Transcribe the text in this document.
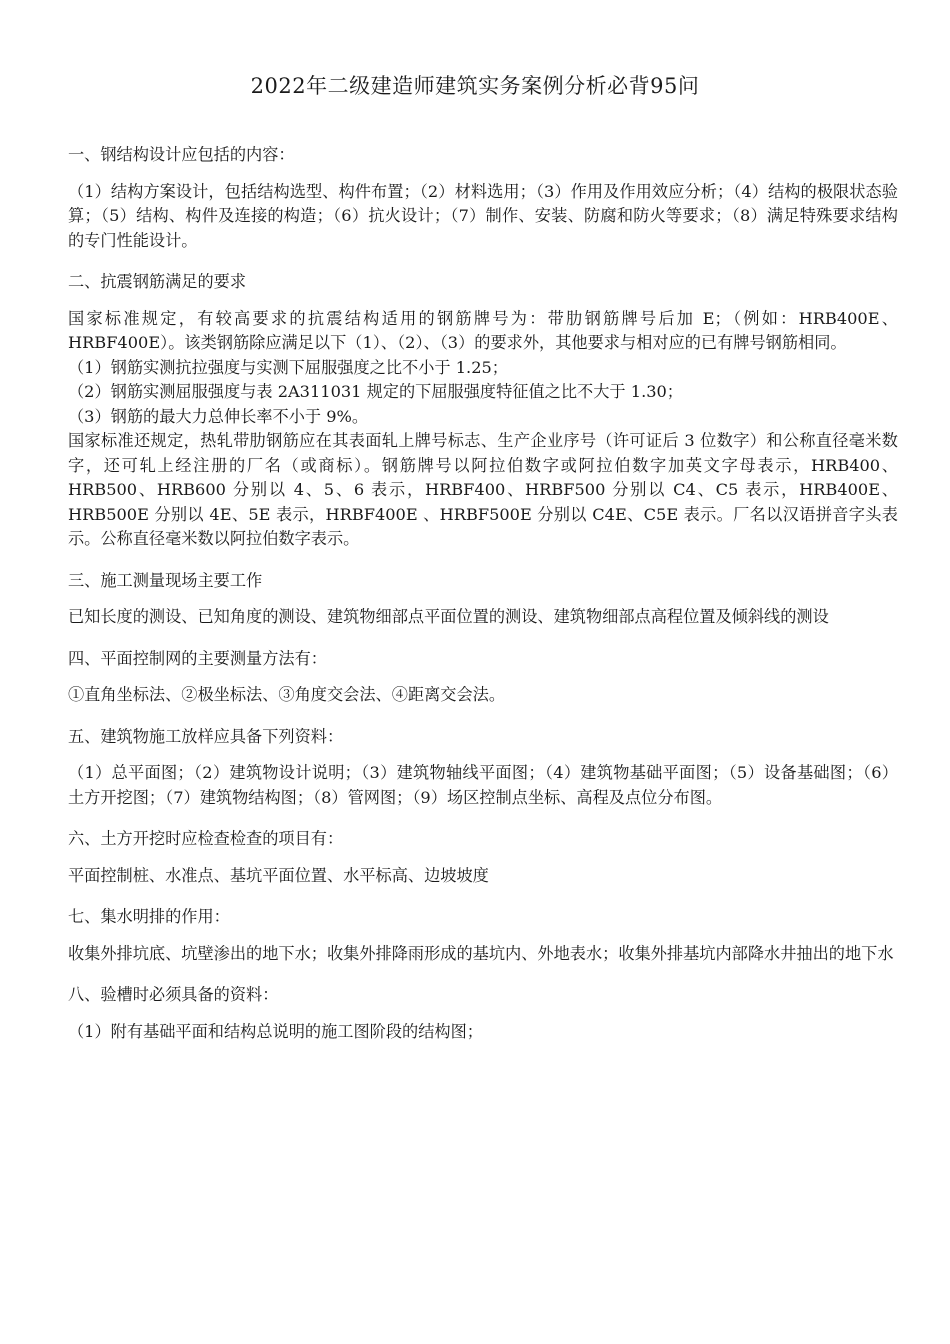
2022年二级建造师建筑实务案例分析必背95问

一、钢结构设计应包括的内容：

（1）结构方案设计，包括结构选型、构件布置；（2）材料选用；（3）作用及作用效应分析；（4）结构的极限状态验算；（5）结构、构件及连接的构造；（6）抗火设计；（7）制作、安装、防腐和防火等要求；（8）满足特殊要求结构的专门性能设计。

二、抗震钢筋满足的要求

国家标准规定，有较高要求的抗震结构适用的钢筋牌号为：带肋钢筋牌号后加 E；（例如：HRB400E、HRBF400E）。该类钢筋除应满足以下（1）、（2）、（3）的要求外，其他要求与相对应的已有牌号钢筋相同。

（1）钢筋实测抗拉强度与实测下屈服强度之比不小于 1.25；

（2）钢筋实测屈服强度与表 2A311031 规定的下屈服强度特征值之比不大于 1.30；

（3）钢筋的最大力总伸长率不小于 9%。

国家标准还规定，热轧带肋钢筋应在其表面轧上牌号标志、生产企业序号（许可证后 3 位数字）和公称直径毫米数字，还可轧上经注册的厂名（或商标）。钢筋牌号以阿拉伯数字或阿拉伯数字加英文字母表示，HRB400、HRB500、HRB600 分别以 4、5、6 表示，HRBF400、HRBF500 分别以 C4、C5 表示，HRB400E、HRB500E 分别以 4E、5E 表示，HRBF400E 、HRBF500E 分别以 C4E、C5E 表示。厂名以汉语拼音字头表示。公称直径毫米数以阿拉伯数字表示。

三、施工测量现场主要工作

已知长度的测设、已知角度的测设、建筑物细部点平面位置的测设、建筑物细部点高程位置及倾斜线的测设

四、平面控制网的主要测量方法有：

①直角坐标法、②极坐标法、③角度交会法、④距离交会法。

五、建筑物施工放样应具备下列资料：

（1）总平面图；（2）建筑物设计说明；（3）建筑物轴线平面图；（4）建筑物基础平面图；（5）设备基础图；（6）土方开挖图；（7）建筑物结构图；（8）管网图；（9）场区控制点坐标、高程及点位分布图。

六、土方开挖时应检查检查的项目有：

平面控制桩、水准点、基坑平面位置、水平标高、边坡坡度

七、集水明排的作用：

收集外排坑底、坑壁渗出的地下水；收集外排降雨形成的基坑内、外地表水；收集外排基坑内部降水井抽出的地下水

八、验槽时必须具备的资料：

（1）附有基础平面和结构总说明的施工图阶段的结构图；
